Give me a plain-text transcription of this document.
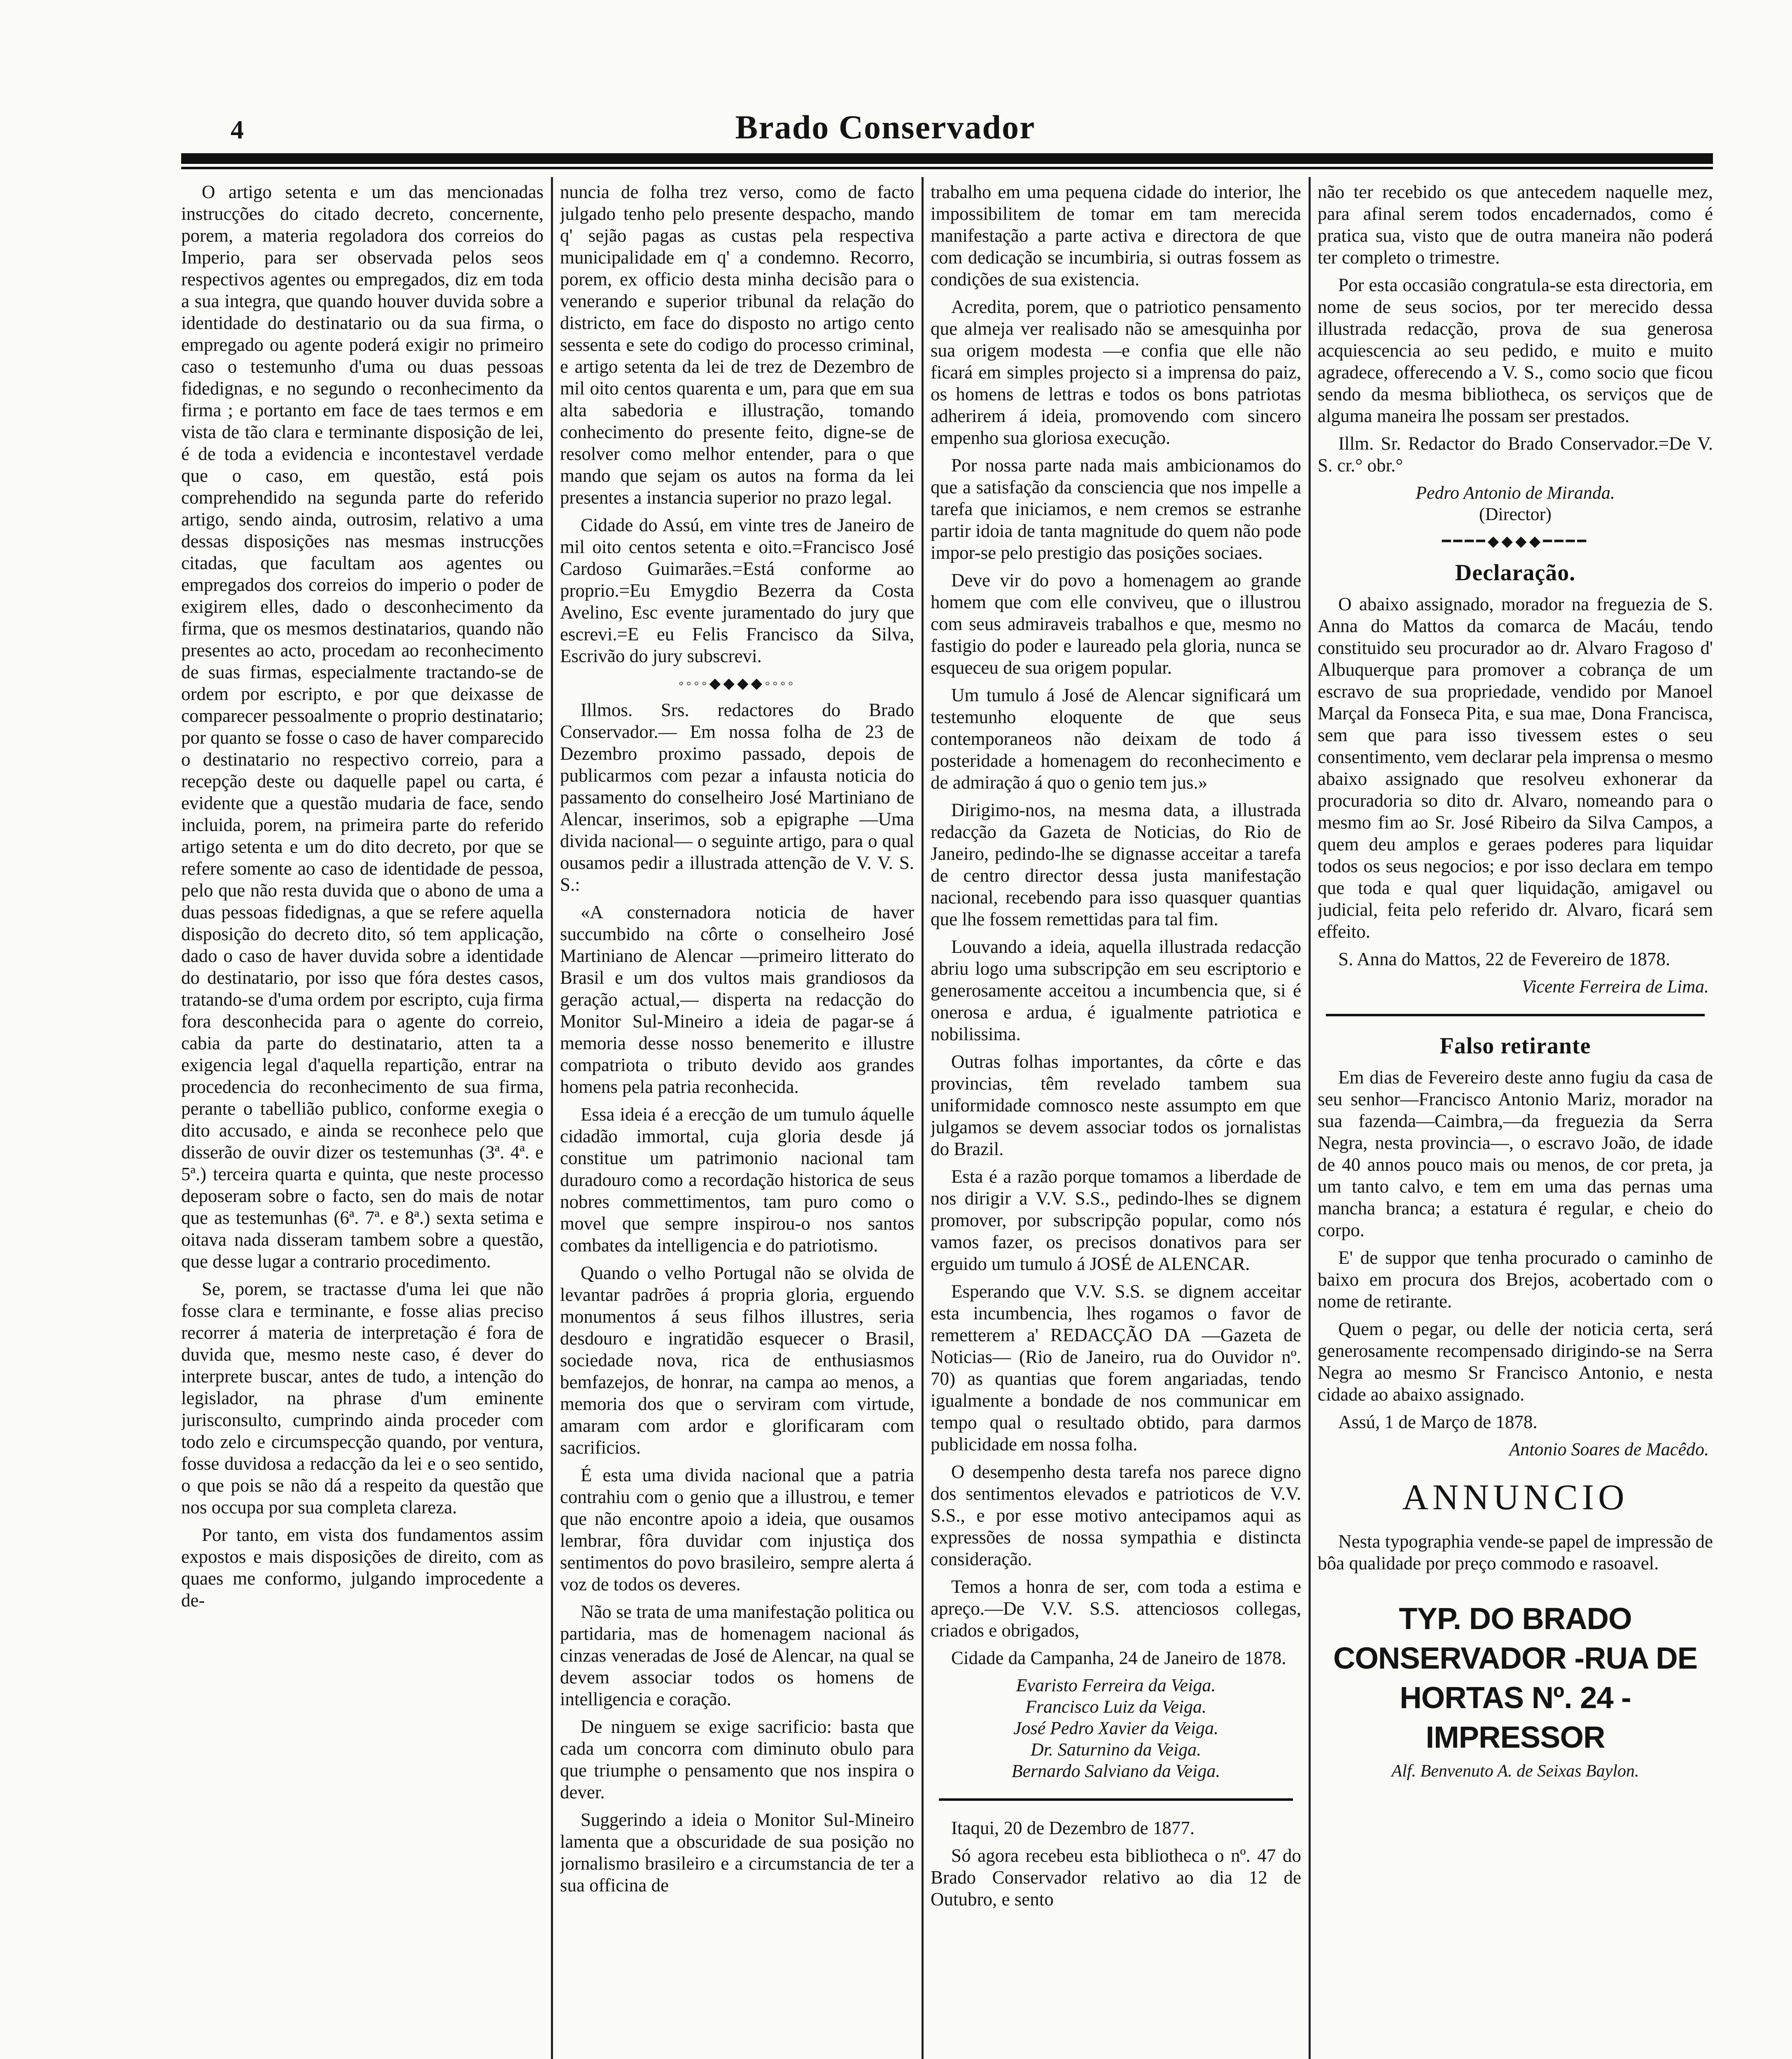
4	Brado Conservador

O artigo setenta e um das mencionadas instrucções do citado decreto, concernente, porem, a materia regoladora dos correios do Imperio, para ser observada pelos seos respectivos agentes ou empregados, diz em toda a sua integra, que quando houver duvida sobre a identidade do destinatario ou da sua firma, o empregado ou agente poderá exigir no primeiro caso o testemunho d'uma ou duas pessoas fidedignas, e no segundo o reconhecimento da firma ; e portanto em face de taes termos e em vista de tão clara e terminante disposição de lei, é de toda a evidencia e incontestavel verdade que o caso, em questão, está pois comprehendido na segunda parte do referido artigo, sendo ainda, outrosim, relativo a uma dessas disposições nas mesmas instrucções citadas, que facultam aos agentes ou empregados dos correios do imperio o poder de exigirem elles, dado o desconhecimento da firma, que os mesmos destinatarios, quando não presentes ao acto, procedam ao reconhecimento de suas firmas, especialmente tractando-se de ordem por escripto, e por que deixasse de comparecer pessoalmente o proprio destinatario; por quanto se fosse o caso de haver comparecido o destinatario no respectivo correio, para a recepção deste ou daquelle papel ou carta, é evidente que a questão mudaria de face, sendo incluida, porem, na primeira parte do referido artigo setenta e um do dito decreto, por que se refere somente ao caso de identidade de pessoa, pelo que não resta duvida que o abono de uma a duas pessoas fidedignas, a que se refere aquella disposição do decreto dito, só tem applicação, dado o caso de haver duvida sobre a identidade do destinatario, por isso que fóra destes casos, tratando-se d'uma ordem por escripto, cuja firma fora desconhecida para o agente do correio, cabia da parte do destinatario, atten ta a exigencia legal d'aquella repartição, entrar na procedencia do reconhecimento de sua firma, perante o tabellião publico, conforme exegia o dito accusado, e ainda se reconhece pelo que disserão de ouvir dizer os testemunhas (3ª. 4ª. e 5ª.) terceira quarta e quinta, que neste processo deposeram sobre o facto, sen do mais de notar que as testemunhas (6ª. 7ª. e 8ª.) sexta setima e oitava nada disseram tambem sobre a questão, que desse lugar a contrario procedimento.

Se, porem, se tractasse d'uma lei que não fosse clara e terminante, e fosse alias preciso recorrer á materia de interpretação é fora de duvida que, mesmo neste caso, é dever do interprete buscar, antes de tudo, a intenção do legislador, na phrase d'um eminente jurisconsulto, cumprindo ainda proceder com todo zelo e circumspecção quando, por ventura, fosse duvidosa a redacção da lei e o seo sentido, o que pois se não dá a respeito da questão que nos occupa por sua completa clareza.

Por tanto, em vista dos fundamentos assim expostos e mais disposições de direito, com as quaes me conformo, julgando improcedente a de-

nuncia de folha trez verso, como de facto julgado tenho pelo presente despacho, mando q' sejão pagas as custas pela respectiva municipalidade em q' a condemno. Recorro, porem, ex officio desta minha decisão para o venerando e superior tribunal da relação do districto, em face do disposto no artigo cento sessenta e sete do codigo do processo criminal, e artigo setenta da lei de trez de Dezembro de mil oito centos quarenta e um, para que em sua alta sabedoria e illustração, tomando conhecimento do presente feito, digne-se de resolver como melhor entender, para o que mando que sejam os autos na forma da lei presentes a instancia superior no prazo legal.

Cidade do Assú, em vinte tres de Janeiro de mil oito centos setenta e oito.=Francisco José Cardoso Guimarães.=Está conforme ao proprio.=Eu Emygdio Bezerra da Costa Avelino, Esc evente juramentado do jury que escrevi.=E eu Felis Francisco da Silva, Escrivão do jury subscrevi.

◦◦◦◦◆◆◆◆◦◦◦◦

Illmos. Srs. redactores do Brado Conservador.— Em nossa folha de 23 de Dezembro proximo passado, depois de publicarmos com pezar a infausta noticia do passamento do conselheiro José Martiniano de Alencar, inserimos, sob a epigraphe —Uma divida nacional— o seguinte artigo, para o qual ousamos pedir a illustrada attenção de V. V. S. S.:

«A consternadora noticia de haver succumbido na côrte o conselheiro José Martiniano de Alencar —primeiro litterato do Brasil e um dos vultos mais grandiosos da geração actual,— disperta na redacção do Monitor Sul-Mineiro a ideia de pagar-se á memoria desse nosso benemerito e illustre compatriota o tributo devido aos grandes homens pela patria reconhecida.

Essa ideia é a erecção de um tumulo áquelle cidadão immortal, cuja gloria desde já constitue um patrimonio nacional tam duradouro como a recordação historica de seus nobres commettimentos, tam puro como o movel que sempre inspirou-o nos santos combates da intelligencia e do patriotismo.

Quando o velho Portugal não se olvida de levantar padrões á propria gloria, erguendo monumentos á seus filhos illustres, seria desdouro e ingratidão esquecer o Brasil, sociedade nova, rica de enthusiasmos bemfazejos, de honrar, na campa ao menos, a memoria dos que o serviram com virtude, amaram com ardor e glorificaram com sacrificios.

É esta uma divida nacional que a patria contrahiu com o genio que a illustrou, e temer que não encontre apoio a ideia, que ousamos lembrar, fôra duvidar com injustiça dos sentimentos do povo brasileiro, sempre alerta á voz de todos os deveres.

Não se trata de uma manifestação politica ou partidaria, mas de homenagem nacional ás cinzas veneradas de José de Alencar, na qual se devem associar todos os homens de intelligencia e coração.

De ninguem se exige sacrificio: basta que cada um concorra com diminuto obulo para que triumphe o pensamento que nos inspira o dever.

Suggerindo a ideia o Monitor Sul-Mineiro lamenta que a obscuridade de sua posição no jornalismo brasileiro e a circumstancia de ter a sua officina de

trabalho em uma pequena cidade do interior, lhe impossibilitem de tomar em tam merecida manifestação a parte activa e directora de que com dedicação se incumbiria, si outras fossem as condições de sua existencia.

Acredita, porem, que o patriotico pensamento que almeja ver realisado não se amesquinha por sua origem modesta —e confia que elle não ficará em simples projecto si a imprensa do paiz, os homens de lettras e todos os bons patriotas adherirem á ideia, promovendo com sincero empenho sua gloriosa execução.

Por nossa parte nada mais ambicionamos do que a satisfação da consciencia que nos impelle a tarefa que iniciamos, e nem cremos se estranhe partir idoia de tanta magnitude do quem não pode impor-se pelo prestigio das posições sociaes.

Deve vir do povo a homenagem ao grande homem que com elle conviveu, que o illustrou com seus admiraveis trabalhos e que, mesmo no fastigio do poder e laureado pela gloria, nunca se esqueceu de sua origem popular.

Um tumulo á José de Alencar significará um testemunho eloquente de que seus contemporaneos não deixam de todo á posteridade a homenagem do reconhecimento e de admiração á quo o genio tem jus.»

Dirigimo-nos, na mesma data, a illustrada redacção da Gazeta de Noticias, do Rio de Janeiro, pedindo-lhe se dignasse acceitar a tarefa de centro director dessa justa manifestação nacional, recebendo para isso quasquer quantias que lhe fossem remettidas para tal fim.

Louvando a ideia, aquella illustrada redacção abriu logo uma subscripção em seu escriptorio e generosamente acceitou a incumbencia que, si é onerosa e ardua, é igualmente patriotica e nobilissima.

Outras folhas importantes, da côrte e das provincias, têm revelado tambem sua uniformidade comnosco neste assumpto em que julgamos se devem associar todos os jornalistas do Brazil.

Esta é a razão porque tomamos a liberdade de nos dirigir a V.V. S.S., pedindo-lhes se dignem promover, por subscripção popular, como nós vamos fazer, os precisos donativos para ser erguido um tumulo á JOSÉ de ALENCAR.

Esperando que V.V. S.S. se dignem acceitar esta incumbencia, lhes rogamos o favor de remetterem a' REDACÇÃO DA —Gazeta de Noticias— (Rio de Janeiro, rua do Ouvidor nº. 70) as quantias que forem angariadas, tendo igualmente a bondade de nos communicar em tempo qual o resultado obtido, para darmos publicidade em nossa folha.

O desempenho desta tarefa nos parece digno dos sentimentos elevados e patrioticos de V.V. S.S., e por esse motivo antecipamos aqui as expressões de nossa sympathia e distincta consideração.

Temos a honra de ser, com toda a estima e apreço.—De V.V. S.S. attenciosos collegas, criados e obrigados,

Cidade da Campanha, 24 de Janeiro de 1878.

Evaristo Ferreira da Veiga.
Francisco Luiz da Veiga.
José Pedro Xavier da Veiga.
Dr. Saturnino da Veiga.
Bernardo Salviano da Veiga.

Itaqui, 20 de Dezembro de 1877.

Só agora recebeu esta bibliotheca o nº. 47 do Brado Conservador relativo ao dia 12 de Outubro, e sento

não ter recebido os que antecedem naquelle mez, para afinal serem todos encadernados, como é pratica sua, visto que de outra maneira não poderá ter completo o trimestre.

Por esta occasião congratula-se esta directoria, em nome de seus socios, por ter merecido dessa illustrada redacção, prova de sua generosa acquiescencia ao seu pedido, e muito e muito agradece, offerecendo a V. S., como socio que ficou sendo da mesma bibliotheca, os serviços que de alguma maneira lhe possam ser prestados.

Illm. Sr. Redactor do Brado Conservador.=De V. S. cr.° obr.°

Pedro Antonio de Miranda.
(Director)
━━━━◆◆◆◆━━━━
Declaração.

O abaixo assignado, morador na freguezia de S. Anna do Mattos da comarca de Macáu, tendo constituido seu procurador ao dr. Alvaro Fragoso d' Albuquerque para promover a cobrança de um escravo de sua propriedade, vendido por Manoel Marçal da Fonseca Pita, e sua mae, Dona Francisca, sem que para isso tivessem estes o seu consentimento, vem declarar pela imprensa o mesmo abaixo assignado que resolveu exhonerar da procuradoria so dito dr. Alvaro, nomeando para o mesmo fim ao Sr. José Ribeiro da Silva Campos, a quem deu amplos e geraes poderes para liquidar todos os seus negocios; e por isso declara em tempo que toda e qual quer liquidação, amigavel ou judicial, feita pelo referido dr. Alvaro, ficará sem effeito.

S. Anna do Mattos, 22 de Fevereiro de 1878.

Vicente Ferreira de Lima.
Falso retirante

Em dias de Fevereiro deste anno fugiu da casa de seu senhor—Francisco Antonio Mariz, morador na sua fazenda—Caimbra,—da freguezia da Serra Negra, nesta provincia—, o escravo João, de idade de 40 annos pouco mais ou menos, de cor preta, ja um tanto calvo, e tem em uma das pernas uma mancha branca; a estatura é regular, e cheio do corpo.

E' de suppor que tenha procurado o caminho de baixo em procura dos Brejos, acobertado com o nome de retirante.

Quem o pegar, ou delle der noticia certa, será generosamente recompensado dirigindo-se na Serra Negra ao mesmo Sr Francisco Antonio, e nesta cidade ao abaixo assignado.

Assú, 1 de Março de 1878.

Antonio Soares de Macêdo.
ANNUNCIO

Nesta typographia vende-se papel de impressão de bôa qualidade por preço commodo e rasoavel.

TYP. DO BRADO CONSERVADOR -RUA DE HORTAS Nº. 24 -IMPRESSOR
Alf. Benvenuto A. de Seixas Baylon.
